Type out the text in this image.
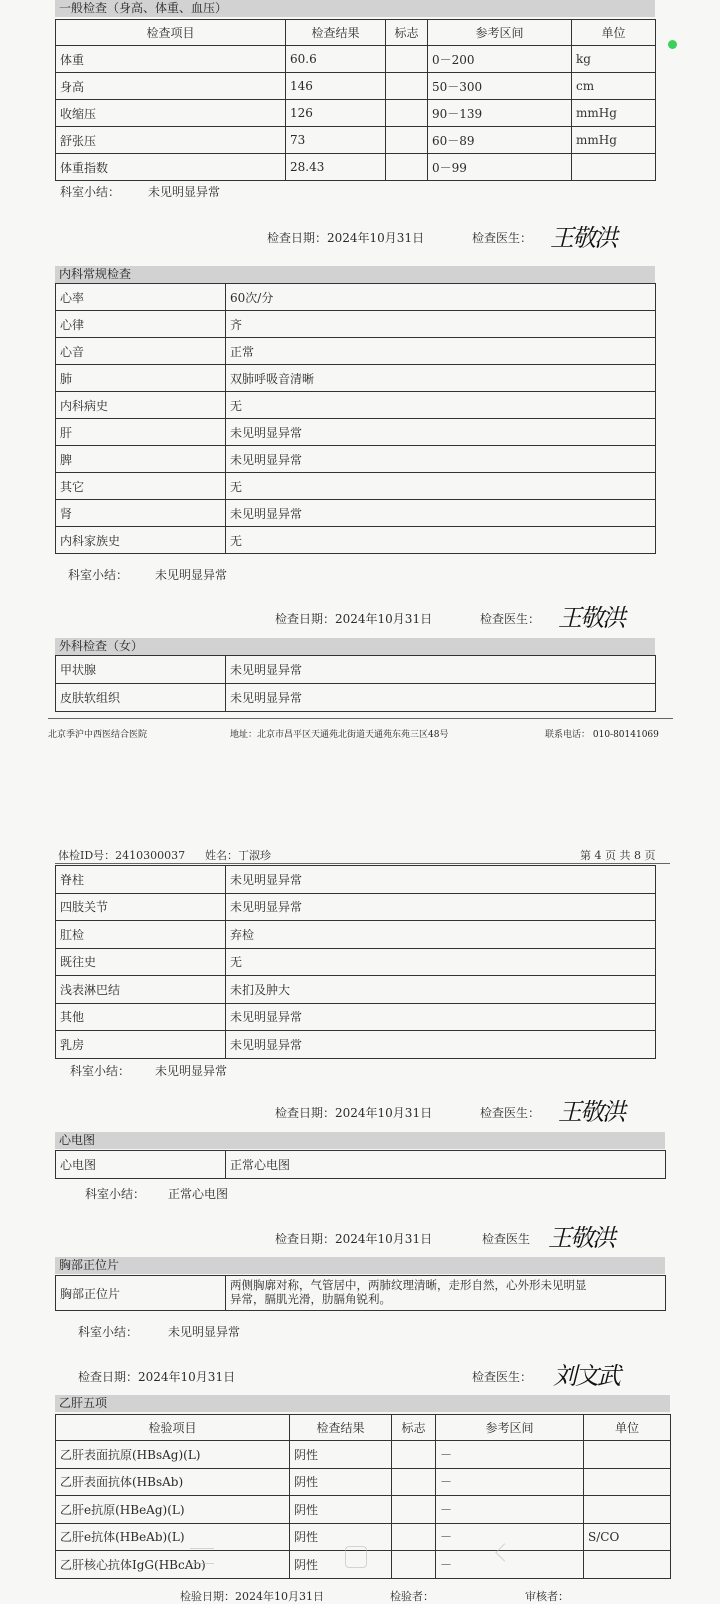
一般检查（身高、体重、血压）
检查项目	检查结果	标志	参考区间	单位
体重	60.6		0－200	kg
身高	146		50－300	cm
收缩压	126		90－139	mmHg
舒张压	73		60－89	mmHg
体重指数	28.43		0－99	
科室小结： 未见明显异常
检查日期：2024年10月31日	检查医生： 王敬洪
内科常规检查
心率	60次/分
心律	齐
心音	正常
肺	双肺呼吸音清晰
内科病史	无
肝	未见明显异常
脾	未见明显异常
其它	无
肾	未见明显异常
内科家族史	无
科室小结： 未见明显异常
检查日期：2024年10月31日	检查医生： 王敬洪
外科检查（女）
甲状腺	未见明显异常
皮肤软组织	未见明显异常
北京季沪中西医结合医院	地址：北京市昌平区天通苑北街道天通苑东苑三区48号	联系电话： 010-80141069
体检ID号：2410300037 姓名：丁淑珍	第 4 页 共 8 页
脊柱	未见明显异常
四肢关节	未见明显异常
肛检	弃检
既往史	无
浅表淋巴结	未扪及肿大
其他	未见明显异常
乳房	未见明显异常
科室小结： 未见明显异常
检查日期：2024年10月31日	检查医生： 王敬洪
心电图
心电图	正常心电图
科室小结： 正常心电图
检查日期：2024年10月31日	检查医生 王敬洪
胸部正位片
胸部正位片	
两侧胸廓对称，气管居中，两肺纹理清晰，走形自然，心外形未见明显
异常，膈肌光滑，肋膈角锐利。
科室小结： 未见明显异常
检查日期：2024年10月31日	检查医生： 刘文武
乙肝五项
检验项目	检查结果	标志	参考区间	单位
乙肝表面抗原(HBsAg)(L)	阴性		－	
乙肝表面抗体(HBsAb)	阴性		－	
乙肝e抗原(HBeAg)(L)	阴性		－	
乙肝e抗体(HBeAb)(L)	阴性		－	S/CO
乙肝核心抗体IgG(HBcAb)	阴性		－	
检验日期：2024年10月31日	检验者：	审核者：
